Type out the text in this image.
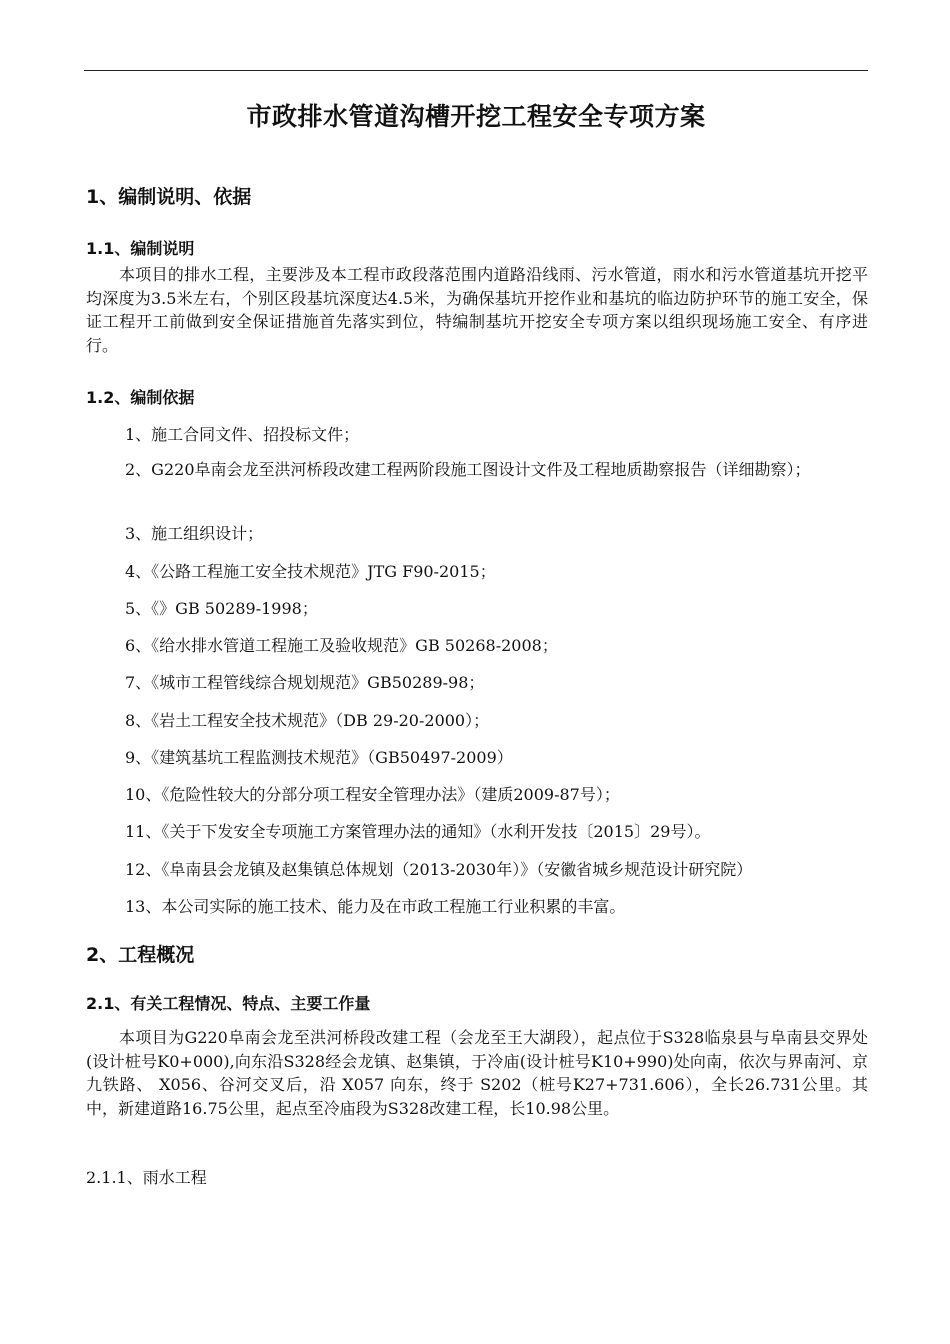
市政排水管道沟槽开挖工程安全专项方案
1、编制说明、依据
1.1、编制说明

本项目的排水工程，主要涉及本工程市政段落范围内道路沿线雨、污水管道，雨水和污水管道基坑开挖平均深度为3.5米左右，个别区段基坑深度达4.5米，为确保基坑开挖作业和基坑的临边防护环节的施工安全，保证工程开工前做到安全保证措施首先落实到位，特编制基坑开挖安全专项方案以组织现场施工安全、有序进行。

1.2、编制依据
1、施工合同文件、招投标文件；

2、G220阜南会龙至洪河桥段改建工程两阶段施工图设计文件及工程地质勘察报告（详细勘察）；

3、施工组织设计；
4、《公路工程施工安全技术规范》JTG F90-2015；
5、《》GB 50289-1998；
6、《给水排水管道工程施工及验收规范》GB 50268-2008；
7、《城市工程管线综合规划规范》GB50289-98；
8、《岩土工程安全技术规范》（DB 29-20-2000）；
9、《建筑基坑工程监测技术规范》（GB50497-2009）
10、《危险性较大的分部分项工程安全管理办法》（建质2009-87号）；
11、《关于下发安全专项施工方案管理办法的通知》（水利开发技〔2015〕29号）。
12、《阜南县会龙镇及赵集镇总体规划（2013-2030年）》（安徽省城乡规范设计研究院）
13、本公司实际的施工技术、能力及在市政工程施工行业积累的丰富。
2、工程概况
2.1、有关工程情况、特点、主要工作量

本项目为G220阜南会龙至洪河桥段改建工程（会龙至王大湖段），起点位于S328临泉县与阜南县交界处(设计桩号K0+000),向东沿S328经会龙镇、赵集镇，于冷庙(设计桩号K10+990)处向南，依次与界南河、京九铁路、 X056、谷河交叉后，沿 X057 向东，终于 S202（桩号K27+731.606），全长26.731公里。其中，新建道路16.75公里，起点至冷庙段为S328改建工程，长10.98公里。

2.1.1、雨水工程
